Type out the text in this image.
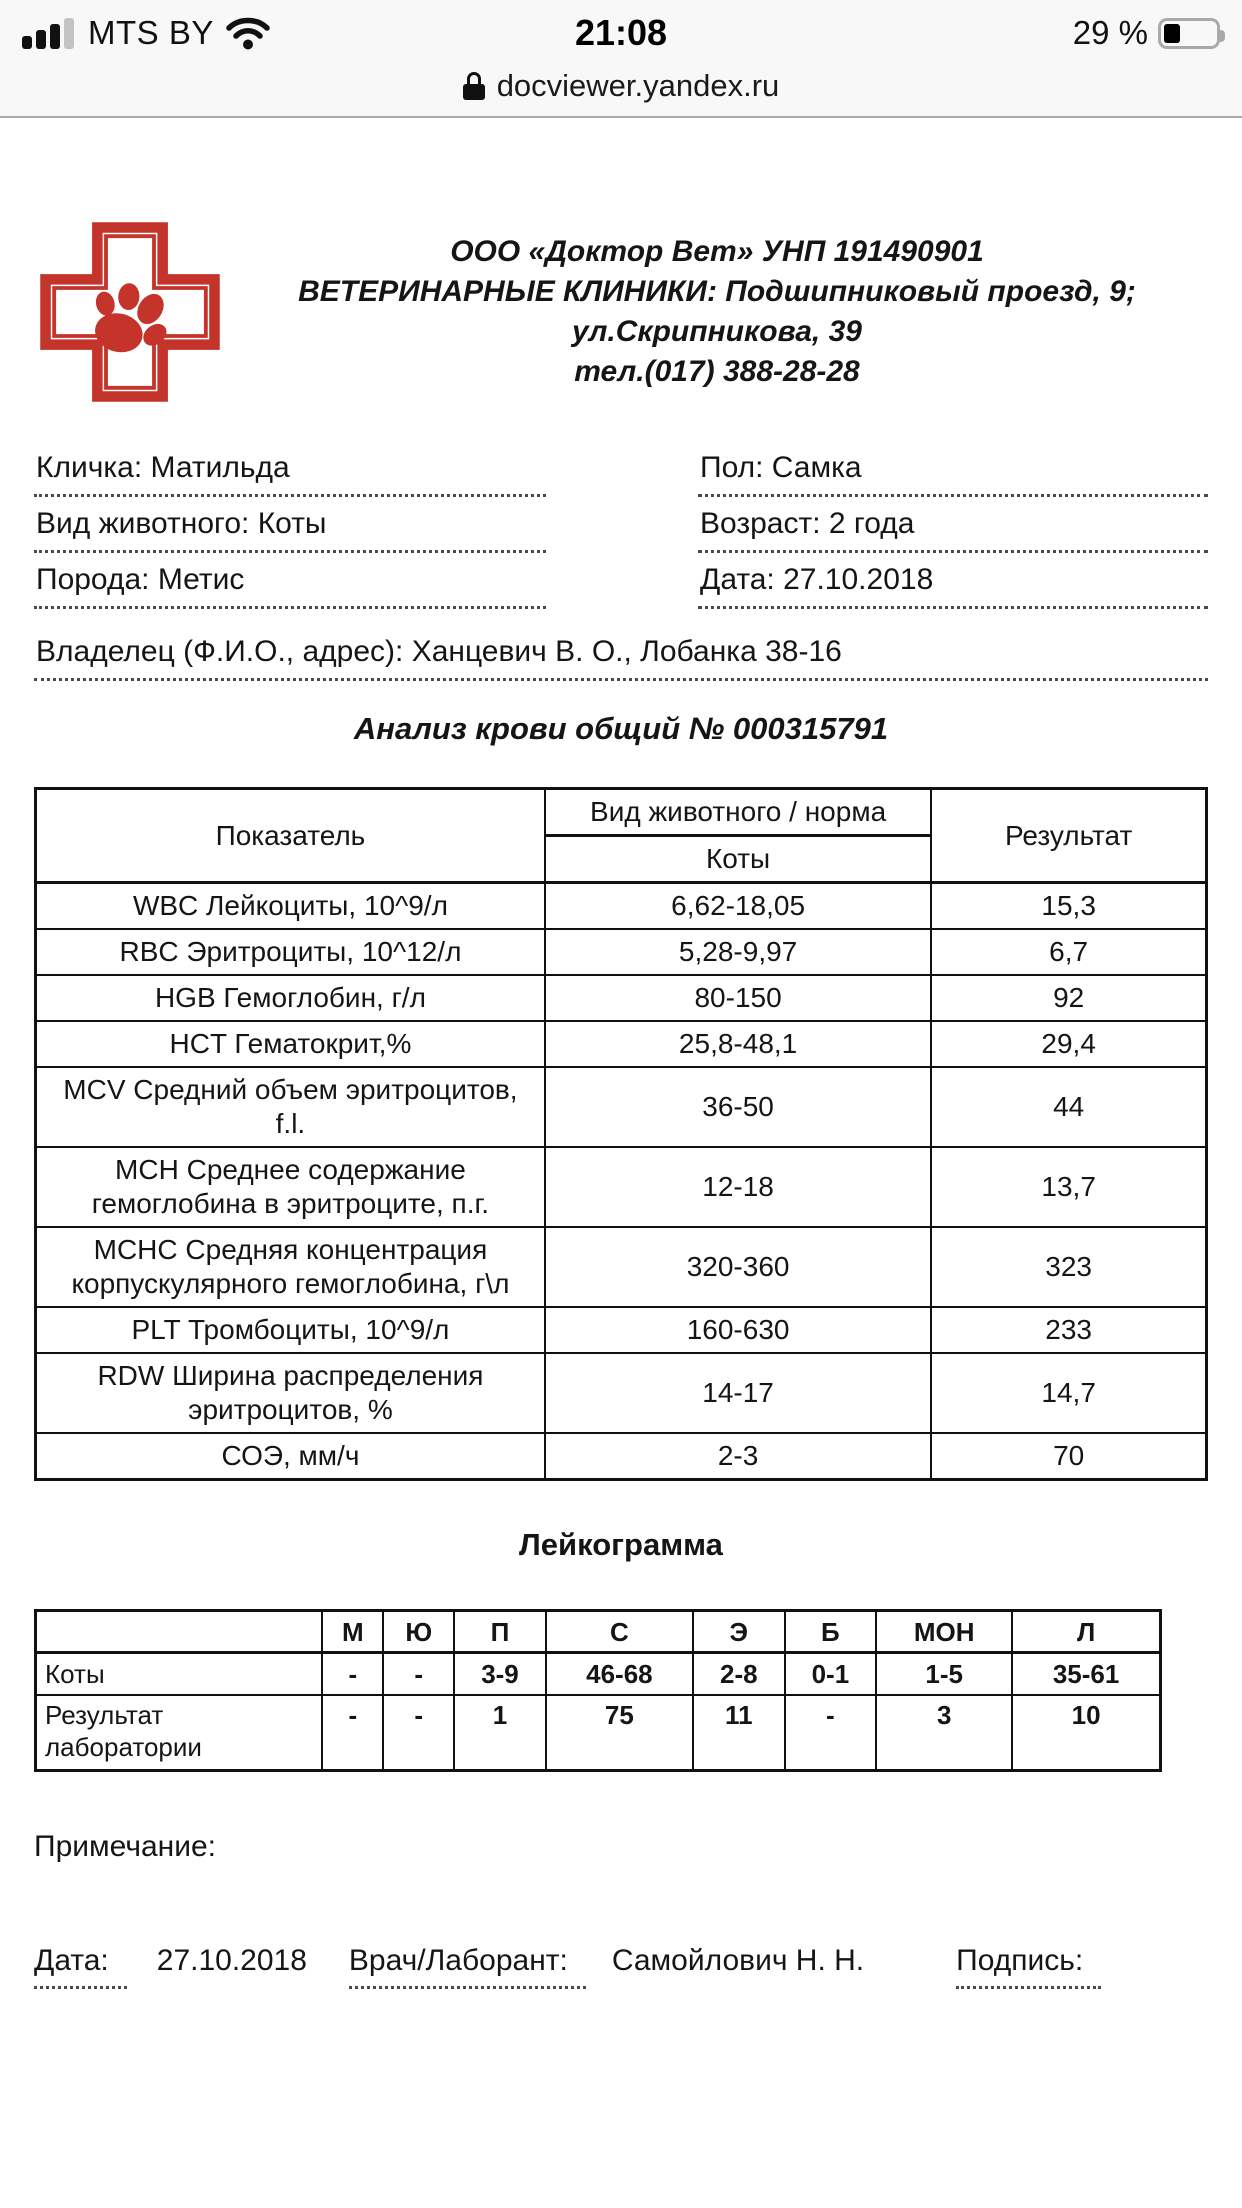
MTS BY	21:08	29 %
docviewer.yandex.ru
ООО «Доктор Вет» УНП 191490901
ВЕТЕРИНАРНЫЕ КЛИНИКИ: Подшипниковый проезд, 9;
ул.Скрипникова, 39
тел.(017) 388-28-28
Кличка: Матильда	Пол: Самка
Вид животного: Коты	Возраст: 2 года
Порода: Метис	Дата: 27.10.2018
Владелец (Ф.И.О., адрес): Ханцевич В. О., Лобанка 38-16
Анализ крови общий № 000315791
Показатель	Вид животного / норма	Результат
	Коты	
WBC Лейкоциты, 10^9/л	6,62-18,05	15,3
RBC Эритроциты, 10^12/л	5,28-9,97	6,7
HGB Гемоглобин, г/л	80-150	92
HCT Гематокрит,%	25,8-48,1	29,4
MCV Средний объем эритроцитов, f.l.	36-50	44
MCH Среднее содержание гемоглобина в эритроците, п.г.	12-18	13,7
MCHC Средняя концентрация корпускулярного гемоглобина, г\л	320-360	323
PLT Тромбоциты, 10^9/л	160-630	233
RDW Ширина распределения эритроцитов, %	14-17	14,7
СОЭ, мм/ч	2-3	70
Лейкограмма
	М	Ю	П	С	Э	Б	МОН	Л
Коты	-	-	3-9	46-68	2-8	0-1	1-5	35-61
Результат лаборатории	-	-	1	75	11	-	3	10
Примечание:
Дата:	27.10.2018 Врач/Лаборант:	Самойлович Н. Н.	Подпись:
